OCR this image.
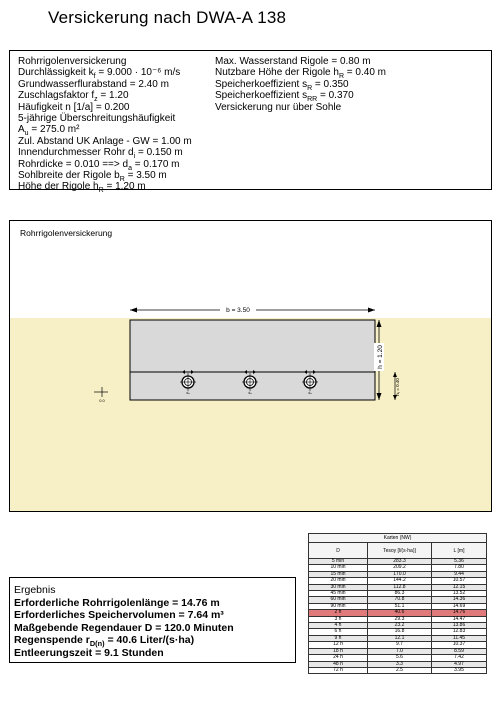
Versickerung nach DWA-A 138
Rohrrigolenversickerung
Durchlässigkeit $k_f = 9.000 \cdot 10^{-6}$ m/s
Grundwasserflurabstand = 2.40 m
Zuschlagsfaktor $f_z = 1.20$
Häufigkeit n [1/a] = 0.200
5-jährige Überschreitungshäufigkeit
$A_u = 275.0$ m²
Zul. Abstand UK Anlage - GW = 1.00 m
Innendurchmesser Rohr $d_i = 0.150$ m
Rohrdicke = 0.010 ==> $d_a = 0.170$ m
Sohlbreite der Rigole $b_R = 3.50$ m
Höhe der Rigole $h_R = 1.20$ m
Max. Wasserstand Rigole = 0.80 m
Nutzbare Höhe der Rigole $h_R = 0.40$ m
Speicherkoeffizient $s_R = 0.350$
Speicherkoeffizient $s_{RR} = 0.370$
Versickerung nur über Sohle
Rohrrigolenversickerung
b = 3.50
h = 1.20
hᵥ = 0.40
0.0
dₐ	dₐ	dₐ
Karten (NW)		
D	Tesoy [l/(s·ha)]	L [m]
5 min	283.3	5.36
10 min	209.2	7.80
15 min	170.0	9.44
20 min	144.2	10.57
30 min	112.8	12.15
45 min	86.3	13.52
60 min	70.8	14.36
90 min	51.1	14.69
2 h	40.6	14.76
3 h	29.3	14.47
4 h	23.2	13.86
6 h	16.8	12.83
9 h	12.1	11.45
12 h	9.7	10.37
18 h	7.0	8.59
24 h	5.6	7.42
48 h	3.3	4.97
72 h	2.5	3.95
Ergebnis
Erforderliche Rohrrigolenlänge = 14.76 m
Erforderliches Speichervolumen = 7.64 m³
Maßgebende Regendauer D = 120.0 Minuten
Regenspende $r_{D(n)} = 40.6$ Liter/(s·ha)
Entleerungszeit = 9.1 Stunden
